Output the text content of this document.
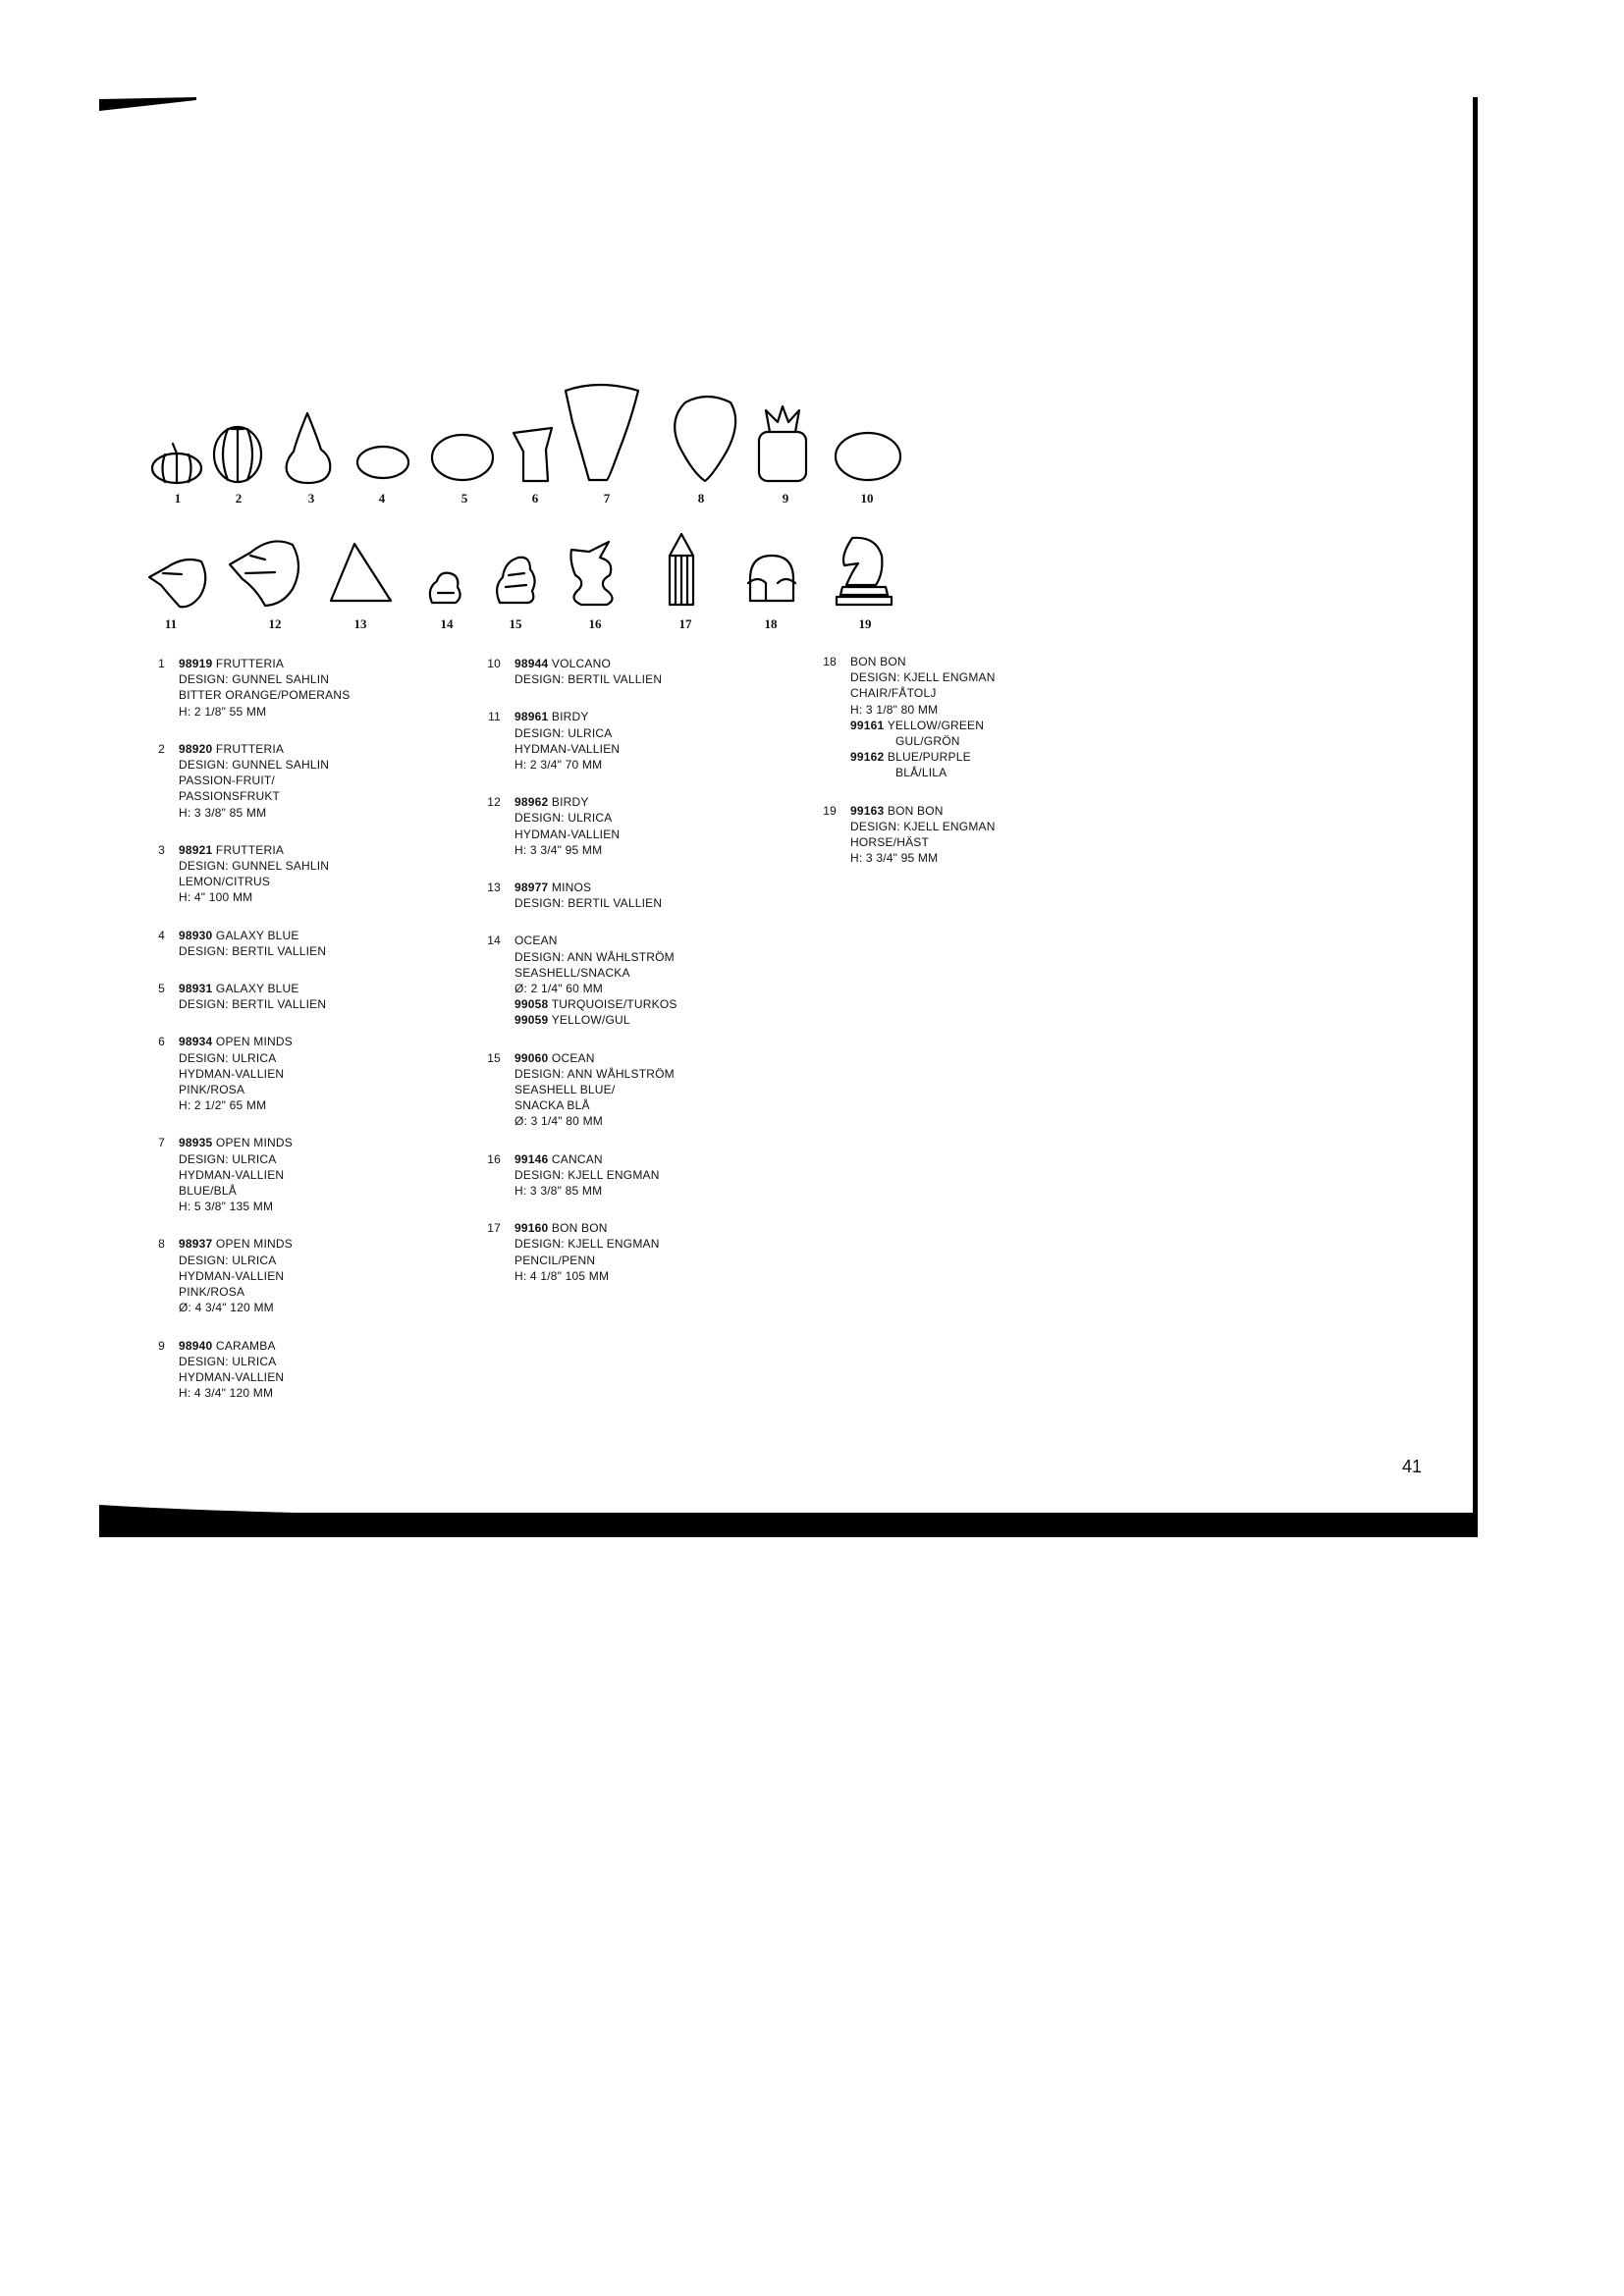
1	2	3	4	5	6	7	8	9	10
11	12	13	14	15	16	17	18	19
1 98919 FRUTTERIA
DESIGN: GUNNEL SAHLIN
BITTER ORANGE/POMERANS
H: 2 1/8" 55 MM
2 98920 FRUTTERIA
DESIGN: GUNNEL SAHLIN
PASSION-FRUIT/
PASSIONSFRUKT
H: 3 3/8" 85 MM
3 98921 FRUTTERIA
DESIGN: GUNNEL SAHLIN
LEMON/CITRUS
H: 4" 100 MM
4 98930 GALAXY BLUE
DESIGN: BERTIL VALLIEN
5 98931 GALAXY BLUE
DESIGN: BERTIL VALLIEN
6 98934 OPEN MINDS
DESIGN: ULRICA
HYDMAN-VALLIEN
PINK/ROSA
H: 2 1/2" 65 MM
7 98935 OPEN MINDS
DESIGN: ULRICA
HYDMAN-VALLIEN
BLUE/BLÅ
H: 5 3/8" 135 MM
8 98937 OPEN MINDS
DESIGN: ULRICA
HYDMAN-VALLIEN
PINK/ROSA
Ø: 4 3/4" 120 MM
9 98940 CARAMBA
DESIGN: ULRICA
HYDMAN-VALLIEN
H: 4 3/4" 120 MM
10 98944 VOLCANO
DESIGN: BERTIL VALLIEN
11 98961 BIRDY
DESIGN: ULRICA
HYDMAN-VALLIEN
H: 2 3/4" 70 MM
12 98962 BIRDY
DESIGN: ULRICA
HYDMAN-VALLIEN
H: 3 3/4" 95 MM
13 98977 MINOS
DESIGN: BERTIL VALLIEN
14 OCEAN
DESIGN: ANN WÅHLSTRÖM
SEASHELL/SNACKA
Ø: 2 1/4" 60 MM
99058 TURQUOISE/TURKOS
99059 YELLOW/GUL
15 99060 OCEAN
DESIGN: ANN WÅHLSTRÖM
SEASHELL BLUE/
SNACKA BLÅ
Ø: 3 1/4" 80 MM
16 99146 CANCAN
DESIGN: KJELL ENGMAN
H: 3 3/8" 85 MM
17 99160 BON BON
DESIGN: KJELL ENGMAN
PENCIL/PENN
H: 4 1/8" 105 MM
18 BON BON
DESIGN: KJELL ENGMAN
CHAIR/FÅTOLJ
H: 3 1/8" 80 MM
99161 YELLOW/GREEN
GUL/GRÖN
99162 BLUE/PURPLE
BLÅ/LILA
19 99163 BON BON
DESIGN: KJELL ENGMAN
HORSE/HÄST
H: 3 3/4" 95 MM
41
